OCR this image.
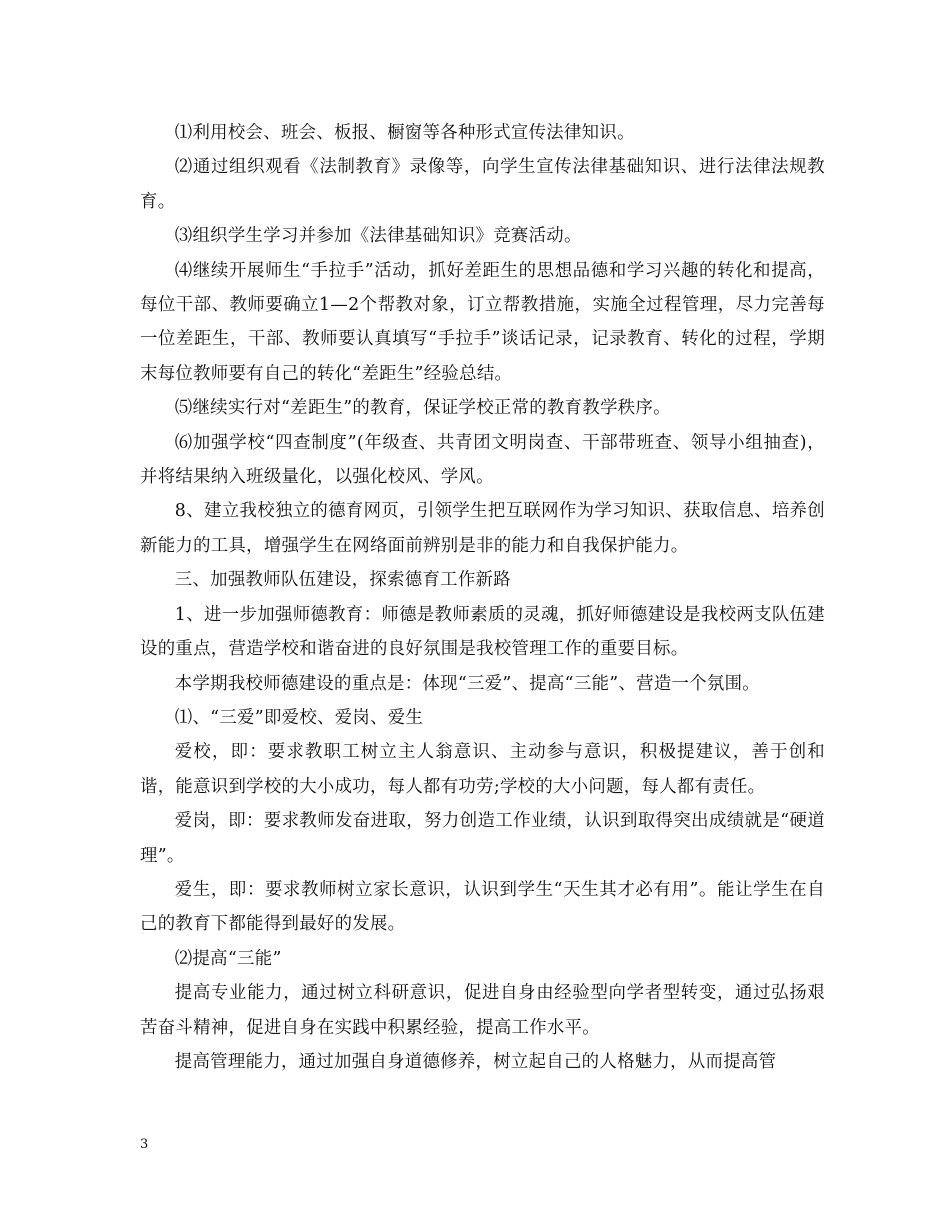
⑴利用校会、班会、板报、橱窗等各种形式宣传法律知识。

⑵通过组织观看《法制教育》录像等，向学生宣传法律基础知识、进行法律法规教育。

⑶组织学生学习并参加《法律基础知识》竞赛活动。

⑷继续开展师生“手拉手”活动，抓好差距生的思想品德和学习兴趣的转化和提高，每位干部、教师要确立1—2个帮教对象，订立帮教措施，实施全过程管理，尽力完善每一位差距生，干部、教师要认真填写“手拉手”谈话记录，记录教育、转化的过程，学期末每位教师要有自己的转化“差距生”经验总结。

⑸继续实行对“差距生”的教育，保证学校正常的教育教学秩序。

⑹加强学校“四查制度”(年级查、共青团文明岗查、干部带班查、领导小组抽查)，并将结果纳入班级量化，以强化校风、学风。

8、建立我校独立的德育网页，引领学生把互联网作为学习知识、获取信息、培养创新能力的工具，增强学生在网络面前辨别是非的能力和自我保护能力。

三、加强教师队伍建设，探索德育工作新路

1、进一步加强师德教育：师德是教师素质的灵魂，抓好师德建设是我校两支队伍建设的重点，营造学校和谐奋进的良好氛围是我校管理工作的重要目标。

本学期我校师德建设的重点是：体现“三爱”、提高“三能”、营造一个氛围。

⑴、“三爱”即爱校、爱岗、爱生

爱校，即：要求教职工树立主人翁意识、主动参与意识，积极提建议，善于创和谐，能意识到学校的大小成功，每人都有功劳;学校的大小问题，每人都有责任。

爱岗，即：要求教师发奋进取，努力创造工作业绩，认识到取得突出成绩就是“硬道理”。

爱生，即：要求教师树立家长意识，认识到学生“天生其才必有用”。能让学生在自己的教育下都能得到最好的发展。

⑵提高“三能”

提高专业能力，通过树立科研意识，促进自身由经验型向学者型转变，通过弘扬艰苦奋斗精神，促进自身在实践中积累经验，提高工作水平。

提高管理能力，通过加强自身道德修养，树立起自己的人格魅力，从而提高管

3
